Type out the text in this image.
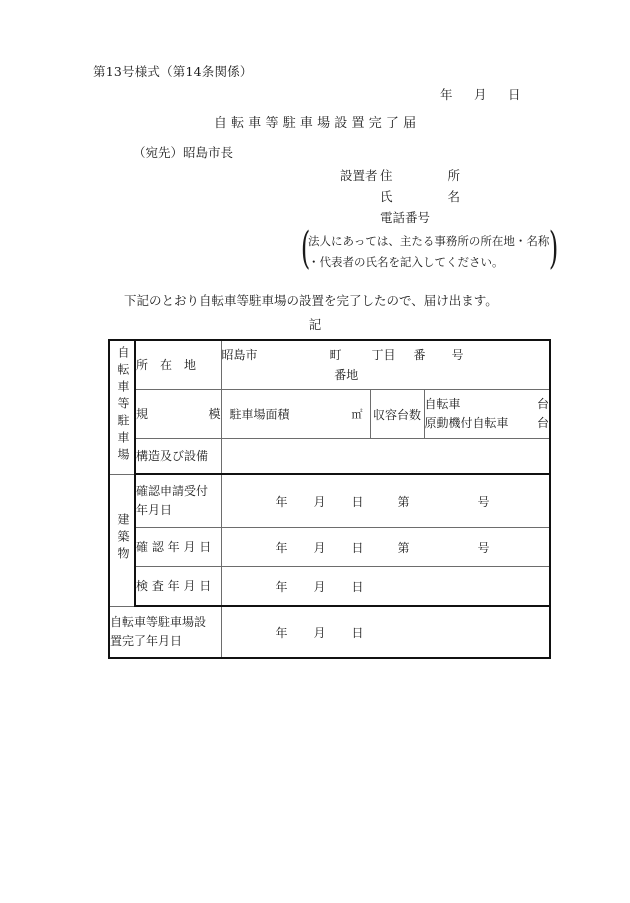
第13号様式（第14条関係）
年 月 日
自転車等駐車場設置完了届
（宛先）昭島市長
設置者 住　　所
氏　　名
電話番号
(
法人にあっては、主たる事務所の所在地・名称
・代表者の氏名を記入してください。	)
下記のとおり自転車等駐車場の設置を完了したので、届け出ます。
記
自転車等駐車場	所　在　地	昭島市 町 丁目 番 号
番地		

規	模	駐車場面積	㎡	収容台数

自転車	台
原動機付自転車 台

	構造及び設備			

建築物	確認申請受付
年月日	年 月 日 第 号		

	確 認 年 月 日	年 月 日 第 号		

	検 査 年 月 日	年 月 日		

自転車等駐車場設
置完了年月日		年 月 日		
